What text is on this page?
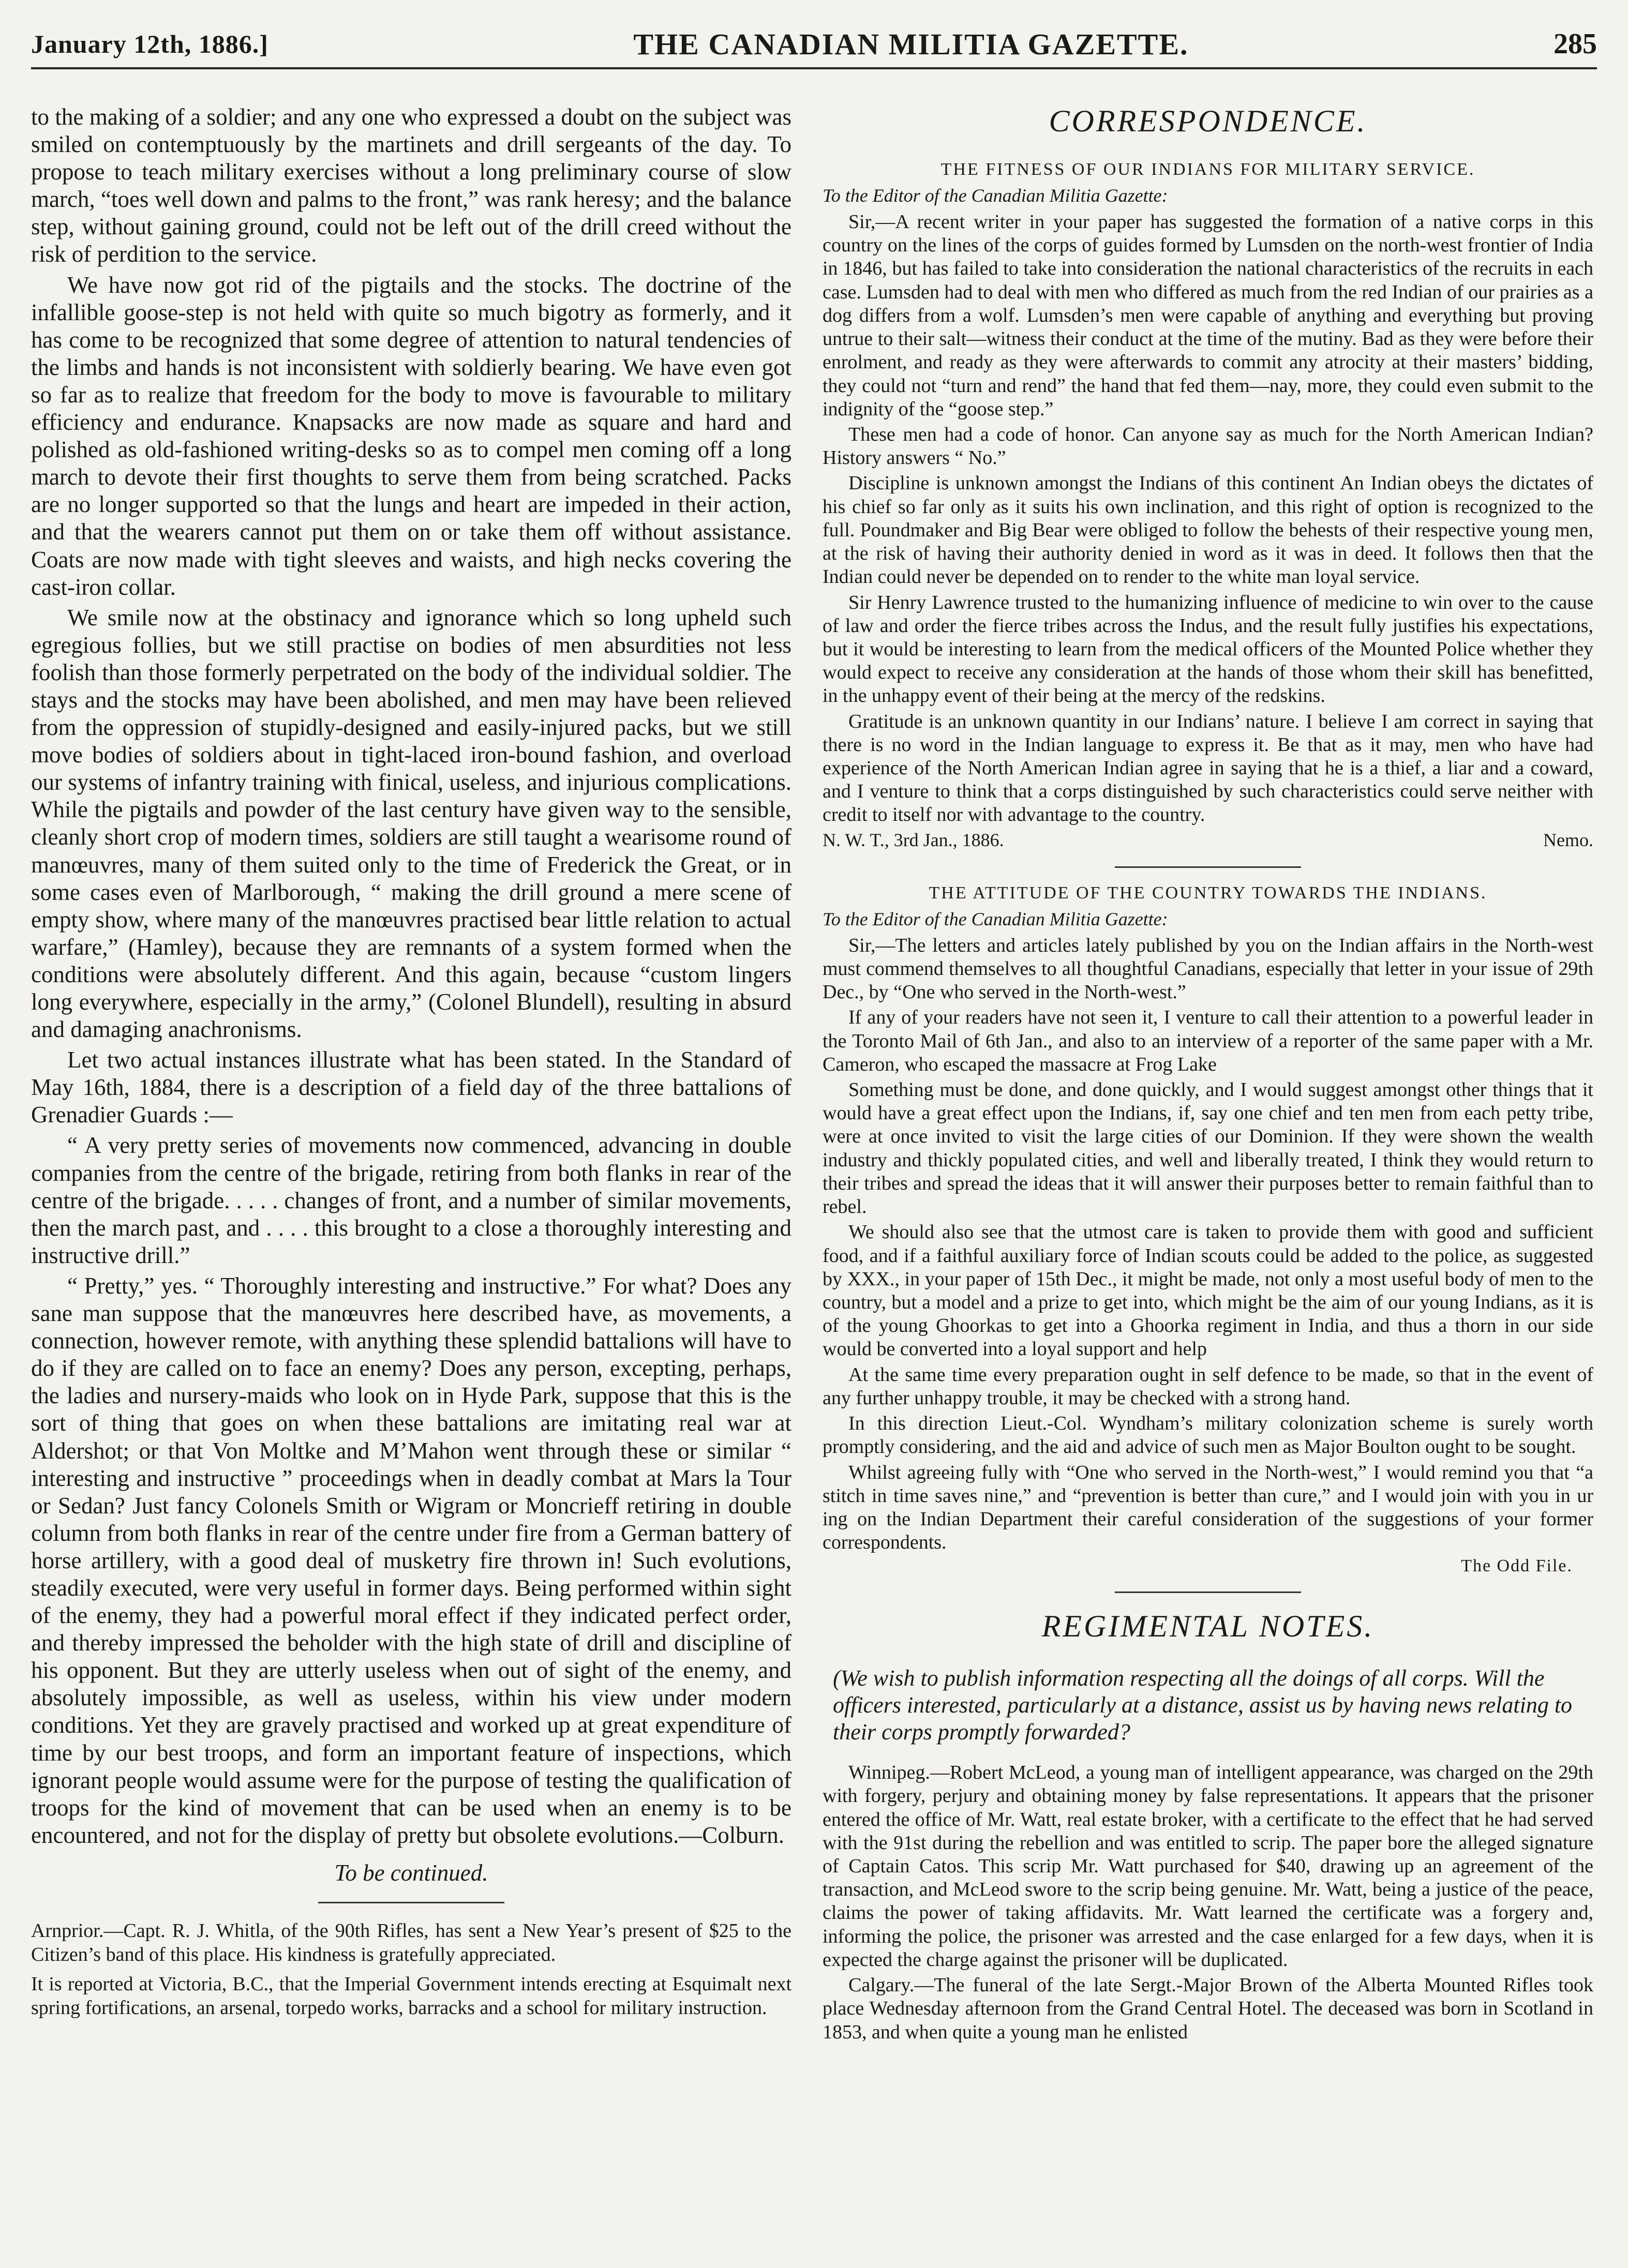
January 12th, 1886.]	THE CANADIAN MILITIA GAZETTE.	285

to the making of a soldier; and any one who expressed a doubt on the subject was smiled on contemptuously by the martinets and drill sergeants of the day. To propose to teach military exercises without a long preliminary course of slow march, “toes well down and palms to the front,” was rank heresy; and the balance step, without gaining ground, could not be left out of the drill creed without the risk of perdition to the service.

We have now got rid of the pigtails and the stocks. The doctrine of the infallible goose-step is not held with quite so much bigotry as formerly, and it has come to be recognized that some degree of attention to natural tendencies of the limbs and hands is not inconsistent with soldierly bearing. We have even got so far as to realize that freedom for the body to move is favourable to military efficiency and endurance. Knapsacks are now made as square and hard and polished as old-fashioned writing-desks so as to compel men coming off a long march to devote their first thoughts to serve them from being scratched. Packs are no longer supported so that the lungs and heart are impeded in their action, and that the wearers cannot put them on or take them off without assistance. Coats are now made with tight sleeves and waists, and high necks covering the cast-iron collar.

We smile now at the obstinacy and ignorance which so long upheld such egregious follies, but we still practise on bodies of men absurdities not less foolish than those formerly perpetrated on the body of the individual soldier. The stays and the stocks may have been abolished, and men may have been relieved from the oppression of stupidly-designed and easily-injured packs, but we still move bodies of soldiers about in tight-laced iron-bound fashion, and overload our systems of infantry training with finical, useless, and injurious complications. While the pigtails and powder of the last century have given way to the sensible, cleanly short crop of modern times, soldiers are still taught a wearisome round of manœuvres, many of them suited only to the time of Frederick the Great, or in some cases even of Marlborough, “ making the drill ground a mere scene of empty show, where many of the manœuvres practised bear little relation to actual warfare,” (Hamley), because they are remnants of a system formed when the conditions were absolutely different. And this again, because “custom lingers long everywhere, especially in the army,” (Colonel Blundell), resulting in absurd and damaging anachronisms.

Let two actual instances illustrate what has been stated. In the Standard of May 16th, 1884, there is a description of a field day of the three battalions of Grenadier Guards :—

“ A very pretty series of movements now commenced, advancing in double companies from the centre of the brigade, retiring from both flanks in rear of the centre of the brigade. . . . . changes of front, and a number of similar movements, then the march past, and . . . . this brought to a close a thoroughly interesting and instructive drill.”

“ Pretty,” yes. “ Thoroughly interesting and instructive.” For what? Does any sane man suppose that the manœuvres here described have, as movements, a connection, however remote, with anything these splendid battalions will have to do if they are called on to face an enemy? Does any person, excepting, perhaps, the ladies and nursery-maids who look on in Hyde Park, suppose that this is the sort of thing that goes on when these battalions are imitating real war at Aldershot; or that Von Moltke and M’Mahon went through these or similar “ interesting and instructive ” proceedings when in deadly combat at Mars la Tour or Sedan? Just fancy Colonels Smith or Wigram or Moncrieff retiring in double column from both flanks in rear of the centre under fire from a German battery of horse artillery, with a good deal of musketry fire thrown in! Such evolutions, steadily executed, were very useful in former days. Being performed within sight of the enemy, they had a powerful moral effect if they indicated perfect order, and thereby impressed the beholder with the high state of drill and discipline of his opponent. But they are utterly useless when out of sight of the enemy, and absolutely impossible, as well as useless, within his view under modern conditions. Yet they are gravely practised and worked up at great expenditure of time by our best troops, and form an important feature of inspections, which ignorant people would assume were for the purpose of testing the qualification of troops for the kind of movement that can be used when an enemy is to be encountered, and not for the display of pretty but obsolete evolutions.—Colburn.

To be continued.

Arnprior.—Capt. R. J. Whitla, of the 90th Rifles, has sent a New Year’s present of $25 to the Citizen’s band of this place. His kindness is gratefully appreciated.

It is reported at Victoria, B.C., that the Imperial Government intends erecting at Esquimalt next spring fortifications, an arsenal, torpedo works, barracks and a school for military instruction.

CORRESPONDENCE.
THE FITNESS OF OUR INDIANS FOR MILITARY SERVICE.
To the Editor of the Canadian Militia Gazette:

Sir,—A recent writer in your paper has suggested the formation of a native corps in this country on the lines of the corps of guides formed by Lumsden on the north-west frontier of India in 1846, but has failed to take into consideration the national characteristics of the recruits in each case. Lumsden had to deal with men who differed as much from the red Indian of our prairies as a dog differs from a wolf. Lumsden’s men were capable of anything and everything but proving untrue to their salt—witness their conduct at the time of the mutiny. Bad as they were before their enrolment, and ready as they were afterwards to commit any atrocity at their masters’ bidding, they could not “turn and rend” the hand that fed them—nay, more, they could even submit to the indignity of the “goose step.”

These men had a code of honor. Can anyone say as much for the North American Indian? History answers “ No.”

Discipline is unknown amongst the Indians of this continent An Indian obeys the dictates of his chief so far only as it suits his own inclination, and this right of option is recognized to the full. Poundmaker and Big Bear were obliged to follow the behests of their respective young men, at the risk of having their authority denied in word as it was in deed. It follows then that the Indian could never be depended on to render to the white man loyal service.

Sir Henry Lawrence trusted to the humanizing influence of medicine to win over to the cause of law and order the fierce tribes across the Indus, and the result fully justifies his expectations, but it would be interesting to learn from the medical officers of the Mounted Police whether they would expect to receive any consideration at the hands of those whom their skill has benefitted, in the unhappy event of their being at the mercy of the redskins.

Gratitude is an unknown quantity in our Indians’ nature. I believe I am correct in saying that there is no word in the Indian language to express it. Be that as it may, men who have had experience of the North American Indian agree in saying that he is a thief, a liar and a coward, and I venture to think that a corps distinguished by such characteristics could serve neither with credit to itself nor with advantage to the country.

N. W. T., 3rd Jan., 1886.	Nemo.
THE ATTITUDE OF THE COUNTRY TOWARDS THE INDIANS.
To the Editor of the Canadian Militia Gazette:

Sir,—The letters and articles lately published by you on the Indian affairs in the North-west must commend themselves to all thoughtful Canadians, especially that letter in your issue of 29th Dec., by “One who served in the North-west.”

If any of your readers have not seen it, I venture to call their attention to a powerful leader in the Toronto Mail of 6th Jan., and also to an interview of a reporter of the same paper with a Mr. Cameron, who escaped the massacre at Frog Lake

Something must be done, and done quickly, and I would suggest amongst other things that it would have a great effect upon the Indians, if, say one chief and ten men from each petty tribe, were at once invited to visit the large cities of our Dominion. If they were shown the wealth industry and thickly populated cities, and well and liberally treated, I think they would return to their tribes and spread the ideas that it will answer their purposes better to remain faithful than to rebel.

We should also see that the utmost care is taken to provide them with good and sufficient food, and if a faithful auxiliary force of Indian scouts could be added to the police, as suggested by XXX., in your paper of 15th Dec., it might be made, not only a most useful body of men to the country, but a model and a prize to get into, which might be the aim of our young Indians, as it is of the young Ghoorkas to get into a Ghoorka regiment in India, and thus a thorn in our side would be converted into a loyal support and help

At the same time every preparation ought in self defence to be made, so that in the event of any further unhappy trouble, it may be checked with a strong hand.

In this direction Lieut.-Col. Wyndham’s military colonization scheme is surely worth promptly considering, and the aid and advice of such men as Major Boulton ought to be sought.

Whilst agreeing fully with “One who served in the North-west,” I would remind you that “a stitch in time saves nine,” and “prevention is better than cure,” and I would join with you in ur ing on the Indian Department their careful consideration of the suggestions of your former correspondents.

The Odd File.
REGIMENTAL NOTES.
(We wish to publish information respecting all the doings of all corps. Will the officers interested, particularly at a distance, assist us by having news relating to their corps promptly forwarded?

Winnipeg.—Robert McLeod, a young man of intelligent appearance, was charged on the 29th with forgery, perjury and obtaining money by false representations. It appears that the prisoner entered the office of Mr. Watt, real estate broker, with a certificate to the effect that he had served with the 91st during the rebellion and was entitled to scrip. The paper bore the alleged signature of Captain Catos. This scrip Mr. Watt purchased for $40, drawing up an agreement of the transaction, and McLeod swore to the scrip being genuine. Mr. Watt, being a justice of the peace, claims the power of taking affidavits. Mr. Watt learned the certificate was a forgery and, informing the police, the prisoner was arrested and the case enlarged for a few days, when it is expected the charge against the prisoner will be duplicated.

Calgary.—The funeral of the late Sergt.-Major Brown of the Alberta Mounted Rifles took place Wednesday afternoon from the Grand Central Hotel. The deceased was born in Scotland in 1853, and when quite a young man he enlisted
